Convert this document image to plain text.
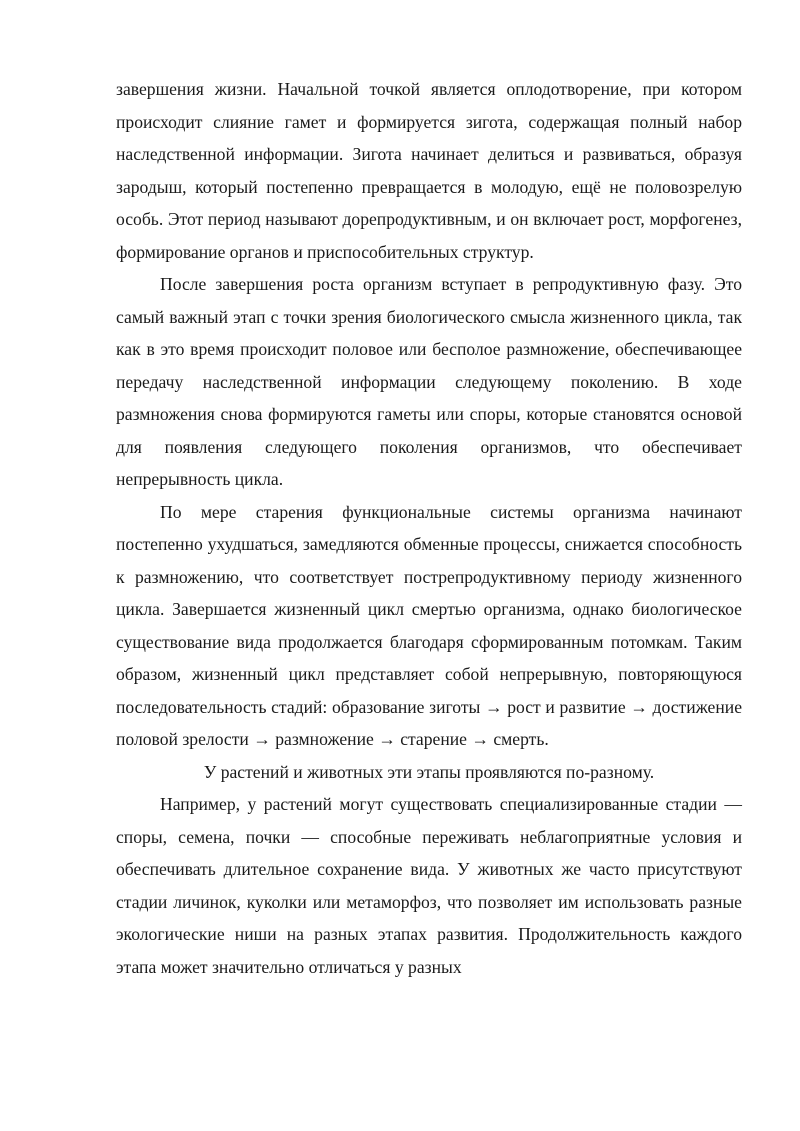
завершения жизни. Начальной точкой является оплодотворение, при котором происходит слияние гамет и формируется зигота, содержащая полный набор наследственной информации. Зигота начинает делиться и развиваться, образуя зародыш, который постепенно превращается в молодую, ещё не половозрелую особь. Этот период называют дорепродуктивным, и он включает рост, морфогенез, формирование органов и приспособительных структур.

После завершения роста организм вступает в репродуктивную фазу. Это самый важный этап с точки зрения биологического смысла жизненного цикла, так как в это время происходит половое или бесполое размножение, обеспечивающее передачу наследственной информации следующему поколению. В ходе размножения снова формируются гаметы или споры, которые становятся основой для появления следующего поколения организмов, что обеспечивает непрерывность цикла.

По мере старения функциональные системы организма начинают постепенно ухудшаться, замедляются обменные процессы, снижается способность к размножению, что соответствует пострепродуктивному периоду жизненного цикла. Завершается жизненный цикл смертью организма, однако биологическое существование вида продолжается благодаря сформированным потомкам. Таким образом, жизненный цикл представляет собой непрерывную, повторяющуюся последовательность стадий: образование зиготы → рост и развитие → достижение половой зрелости → размножение → старение → смерть.

У растений и животных эти этапы проявляются по-разному.

Например, у растений могут существовать специализированные стадии — споры, семена, почки — способные переживать неблагоприятные условия и обеспечивать длительное сохранение вида. У животных же часто присутствуют стадии личинок, куколки или метаморфоз, что позволяет им использовать разные экологические ниши на разных этапах развития. Продолжительность каждого этапа может значительно отличаться у разных
